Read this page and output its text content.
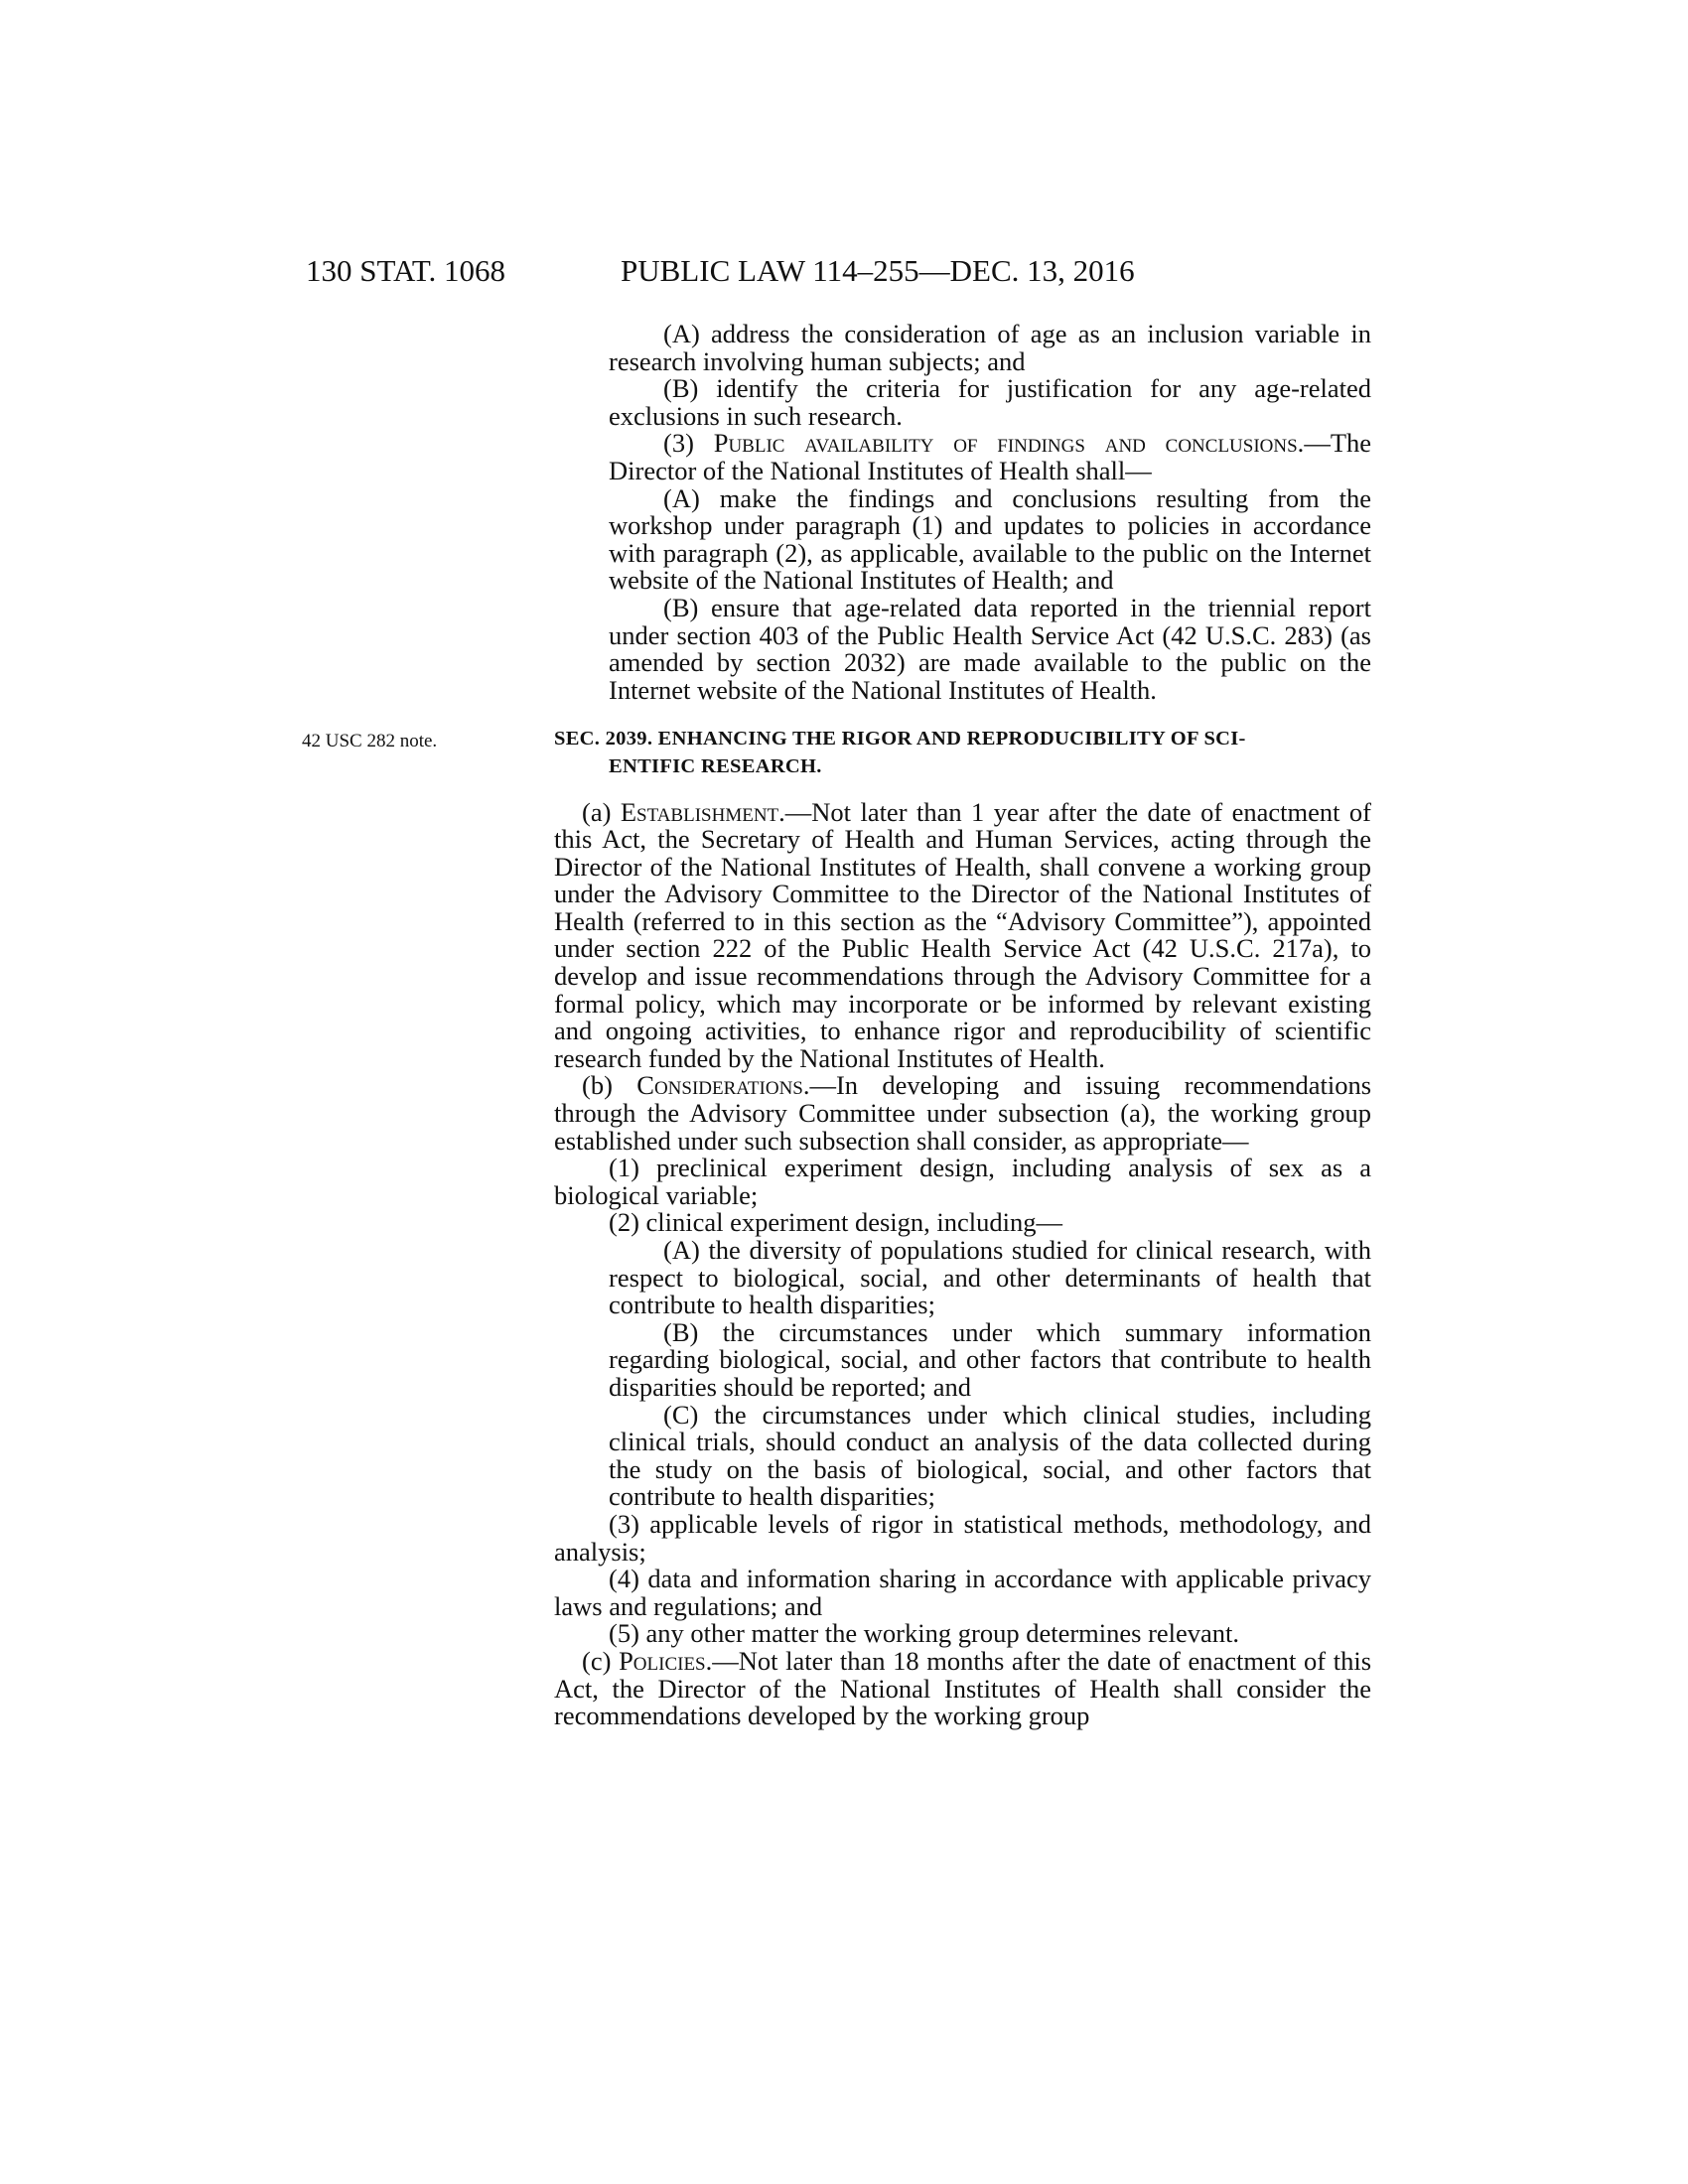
130 STAT. 1068	PUBLIC LAW 114–255—DEC. 13, 2016

(A) address the consideration of age as an inclusion variable in research involving human subjects; and

(B) identify the criteria for justification for any age-related exclusions in such research.

(3) Public availability of findings and conclusions.—The Director of the National Institutes of Health shall—

(A) make the findings and conclusions resulting from the workshop under paragraph (1) and updates to policies in accordance with paragraph (2), as applicable, available to the public on the Internet website of the National Institutes of Health; and

(B) ensure that age-related data reported in the triennial report under section 403 of the Public Health Service Act (42 U.S.C. 283) (as amended by section 2032) are made available to the public on the Internet website of the National Institutes of Health.

42 USC 282 note.	SEC. 2039. ENHANCING THE RIGOR AND REPRODUCIBILITY OF SCI-
ENTIFIC RESEARCH.

(a) Establishment.—Not later than 1 year after the date of enactment of this Act, the Secretary of Health and Human Services, acting through the Director of the National Institutes of Health, shall convene a working group under the Advisory Committee to the Director of the National Institutes of Health (referred to in this section as the “Advisory Committee”), appointed under section 222 of the Public Health Service Act (42 U.S.C. 217a), to develop and issue recommendations through the Advisory Committee for a formal policy, which may incorporate or be informed by relevant existing and ongoing activities, to enhance rigor and reproducibility of scientific research funded by the National Institutes of Health.

(b) Considerations.—In developing and issuing recommendations through the Advisory Committee under subsection (a), the working group established under such subsection shall consider, as appropriate—

(1) preclinical experiment design, including analysis of sex as a biological variable;

(2) clinical experiment design, including—

(A) the diversity of populations studied for clinical research, with respect to biological, social, and other determinants of health that contribute to health disparities;

(B) the circumstances under which summary information regarding biological, social, and other factors that contribute to health disparities should be reported; and

(C) the circumstances under which clinical studies, including clinical trials, should conduct an analysis of the data collected during the study on the basis of biological, social, and other factors that contribute to health disparities;

(3) applicable levels of rigor in statistical methods, methodology, and analysis;

(4) data and information sharing in accordance with applicable privacy laws and regulations; and

(5) any other matter the working group determines relevant.

(c) Policies.—Not later than 18 months after the date of enactment of this Act, the Director of the National Institutes of Health shall consider the recommendations developed by the working group
